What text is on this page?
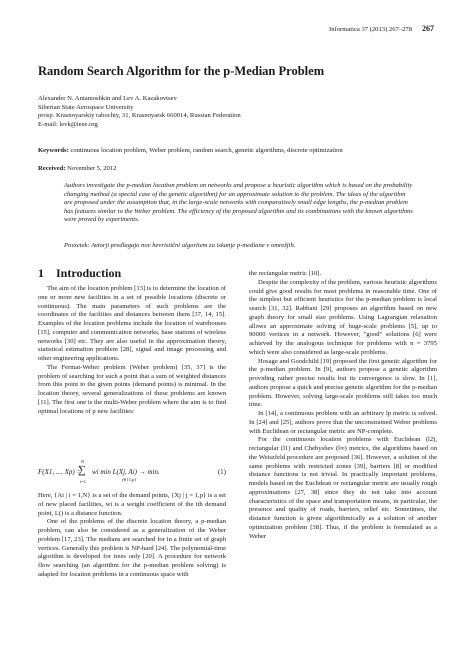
Informatica 37 (2013) 267–278 267
Random Search Algorithm for the p-Median Problem
Alexander N. Antamoshkin and Lev A. Kazakovtsev
Siberian State Aerospace University
prosp. Krasnoyarskiy rabochiy, 31, Krasnoyarsk 660014, Russian Federation
E-mail: levk@ieee.org
Keywords: continuous location problem, Weber problem, random search, genetic algorithms, discrete optimization
Received: November 5, 2012
Authors investigate the p-median location problem on networks and propose a heuristic algorithm which is based on the probability changing method (a special case of the genetic algorithm) for an approximate solution to the problem. The ideas of the algorithm are proposed under the assumption that, in the large-scale networks with comparatively small edge lengths, the p-median problem has features similar to the Weber problem. The efficiency of the proposed algorithm and its combinations with the known algorithms were proved by experiments.
Povzetek: Avtorji predlagajo nov hevristični algoritem za iskanje p-mediane v omrežjih.
1 Introduction

The aim of the location problem [13] is to determine the location of one or more new facilities in a set of possible locations (discrete or continuous). The main parameters of such problems are the coordinates of the facilities and distances between them [37, 14, 15]. Examples of the location problems include the location of warehouses [15], computer and communication networks, base stations of wireless networks [30] etc. They are also useful in the approximation theory, statistical estimation problem [28], signal and image processing and other engineering applications.

The Fermat-Weber problem (Weber problem) [35, 37] is the problem of searching for such a point that a sum of weighted distances from this point to the given points (demand points) is minimal. In the location theory, several generalizations of these problems are known [11]. The first one is the multi-Weber problem where the aim is to find optimal locations of p new facilities:

F(X1, ..., Xp) =
N
∑
i=1
wi min L(Xj, Ai) → min.
j∈{1,p}
(1)

Here, {Ai | i = 1,N} is a set of the demand points, {Xj | j = 1,p} is a set of new placed facilities, wi is a weight coefficient of the ith demand point, L() is a distance function.

One of the problems of the discrete location theory, a p-median problem, can also be considered as a generalization of the Weber problem [17, 23]. The medians are searched for in a finite set of graph vertices. Generally this problem is NP-hard [24]. The polynomial-time algorithm is developed for trees only [20]. A procedure for network flow searching (an algorithm for the p-median problem solving) is adapted for location problems in a continuous space with

the rectangular metric [10].

Despite the complexity of the problem, various heuristic algorithms could give good results for most problems in reasonable time. One of the simplest but efficient heuristics for the p-median problem is local search [31, 32]. Rabbani [29] proposes an algorithm based on new graph theory for small size problems. Using Lagrangian relaxation allows an approximate solving of huge-scale problems [5], up to 90000 vertices in a network. However, "good" solutions [6] were achieved by the analogous technique for problems with n = 3795 which were also considered as large-scale problems.

Hosage and Goodchild [19] proposed the first genetic algorithm for the p-median problem. In [9], authors propose a genetic algorithm providing rather precise results but its convergence is slow. In [1], authors propose a quick and precise genetic algorithm for the p-median problem. However, solving large-scale problems still takes too much time.

In [14], a continuous problem with an arbitrary lp metric is solved. In [24] and [25], authors prove that the unconstrained Weber problems with Euclidean or rectangular metric are NP-complete.

For the continuous location problems with Euclidean (l2), rectangular (l1) and Chebyshev (l∞) metrics, the algorithms based on the Weiszfeld procedure are proposed [36]. However, a solution of the same problems with restricted zones [39], barriers [8] or modified distance functions is not trivial. In practically important problems, models based on the Euclidean or rectangular metric are usually rough approximations [27, 38] since they do not take into account characteristics of the space and transportation means, in particular, the presence and quality of roads, barriers, relief etc. Sometimes, the distance function is given algorithmically as a solution of another optimization problem [38]. Thus, if the problem is formulated as a Weber
